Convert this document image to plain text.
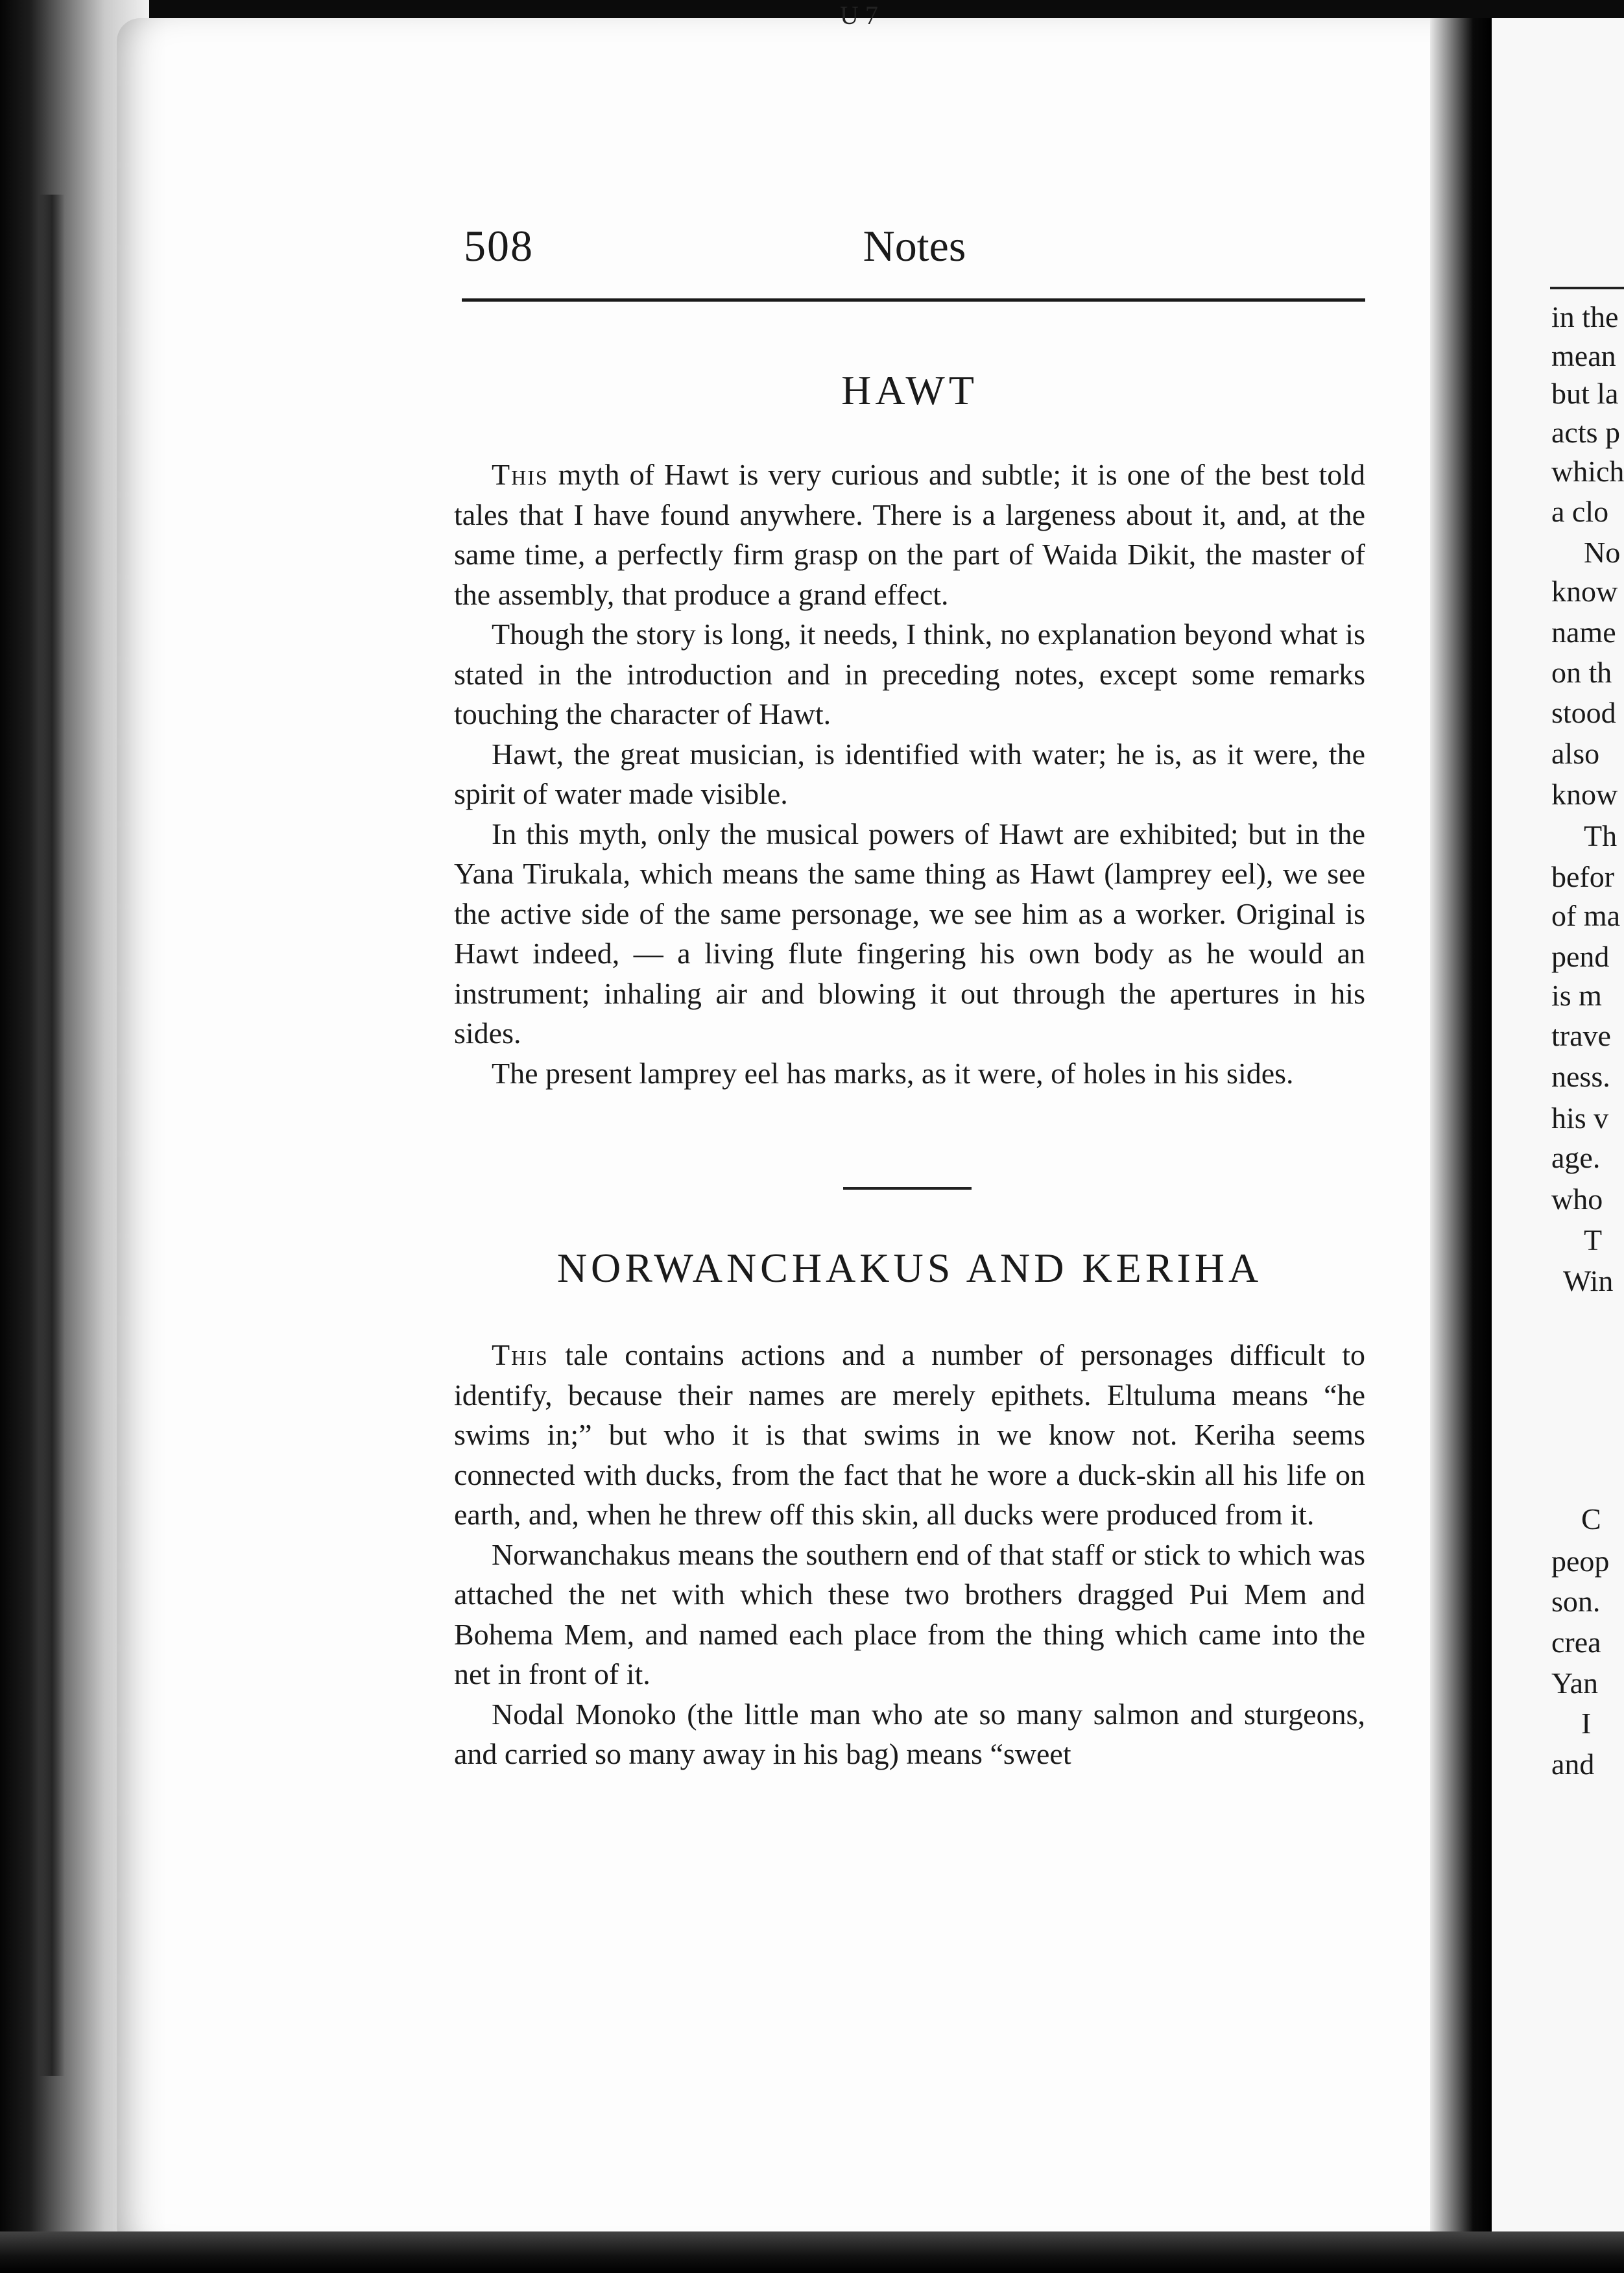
in the
mean
but la
acts p
which
a clo
No
know
name
on th
stood
also
know
Th
befor
of ma
pend
is m
trave
ness.
his v
age.
who
T
Win
C
peop
son.
crea
Yan
I
and
U 7
508	Notes
HAWT

This myth of Hawt is very curious and subtle; it is one of the best told tales that I have found anywhere. There is a largeness about it, and, at the same time, a perfectly firm grasp on the part of Waida Dikit, the master of the assembly, that produce a grand effect.

Though the story is long, it needs, I think, no explanation beyond what is stated in the introduction and in preceding notes, except some remarks touching the character of Hawt.

Hawt, the great musician, is identified with water; he is, as it were, the spirit of water made visible.

In this myth, only the musical powers of Hawt are exhibited; but in the Yana Tirukala, which means the same thing as Hawt (lamprey eel), we see the active side of the same personage, we see him as a worker. Original is Hawt indeed, — a living flute fingering his own body as he would an instrument; inhaling air and blowing it out through the apertures in his sides.

The present lamprey eel has marks, as it were, of holes in his sides.

NORWANCHAKUS AND KERIHA

This tale contains actions and a number of personages difficult to identify, because their names are merely epithets. Eltuluma means “he swims in;” but who it is that swims in we know not. Keriha seems connected with ducks, from the fact that he wore a duck-skin all his life on earth, and, when he threw off this skin, all ducks were produced from it.

Norwanchakus means the southern end of that staff or stick to which was attached the net with which these two brothers dragged Pui Mem and Bohema Mem, and named each place from the thing which came into the net in front of it.

Nodal Monoko (the little man who ate so many salmon and sturgeons, and carried so many away in his bag) means “sweet
